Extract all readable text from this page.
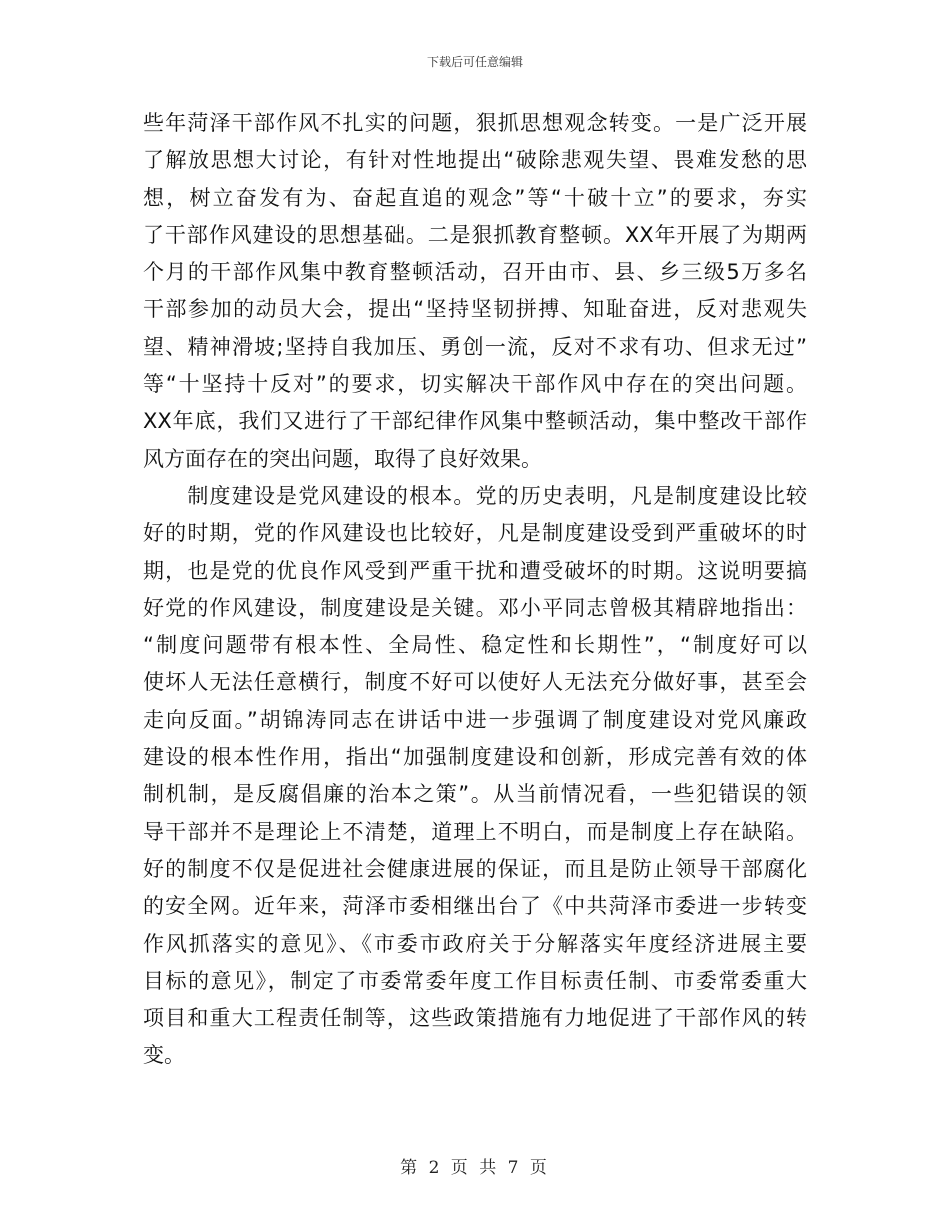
下载后可任意编辑
些年菏泽干部作风不扎实的问题，狠抓思想观念转变。一是广泛开展
了解放思想大讨论，有针对性地提出“破除悲观失望、畏难发愁的思
想，树立奋发有为、奋起直追的观念”等“十破十立”的要求，夯实
了干部作风建设的思想基础。二是狠抓教育整顿。XX年开展了为期两
个月的干部作风集中教育整顿活动，召开由市、县、乡三级5万多名
干部参加的动员大会，提出“坚持坚韧拼搏、知耻奋进，反对悲观失
望、精神滑坡;坚持自我加压、勇创一流，反对不求有功、但求无过”
等“十坚持十反对”的要求，切实解决干部作风中存在的突出问题。
XX年底，我们又进行了干部纪律作风集中整顿活动，集中整改干部作
风方面存在的突出问题，取得了良好效果。
　　制度建设是党风建设的根本。党的历史表明，凡是制度建设比较
好的时期，党的作风建设也比较好，凡是制度建设受到严重破坏的时
期，也是党的优良作风受到严重干扰和遭受破坏的时期。这说明要搞
好党的作风建设，制度建设是关键。邓小平同志曾极其精辟地指出：
“制度问题带有根本性、全局性、稳定性和长期性”，“制度好可以
使坏人无法任意横行，制度不好可以使好人无法充分做好事，甚至会
走向反面。”胡锦涛同志在讲话中进一步强调了制度建设对党风廉政
建设的根本性作用，指出“加强制度建设和创新，形成完善有效的体
制机制，是反腐倡廉的治本之策”。从当前情况看，一些犯错误的领
导干部并不是理论上不清楚，道理上不明白，而是制度上存在缺陷。
好的制度不仅是促进社会健康进展的保证，而且是防止领导干部腐化
的安全网。近年来，菏泽市委相继出台了《中共菏泽市委进一步转变
作风抓落实的意见》、《市委市政府关于分解落实年度经济进展主要
目标的意见》，制定了市委常委年度工作目标责任制、市委常委重大
项目和重大工程责任制等，这些政策措施有力地促进了干部作风的转
变。
第 2 页 共 7 页
